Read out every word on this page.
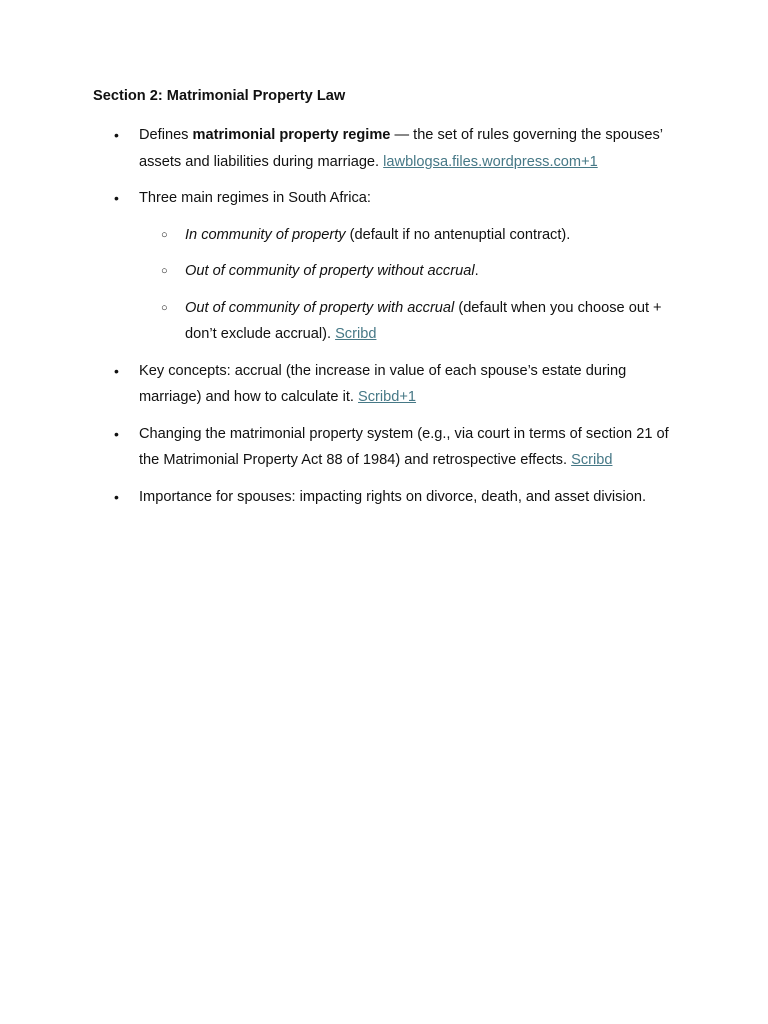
Section 2: Matrimonial Property Law
• Defines matrimonial property regime — the set of rules governing the spouses’ assets and liabilities during marriage. lawblogsa.files.wordpress.com+1
• Three main regimes in South Africa:
○ In community of property (default if no antenuptial contract).
○ Out of community of property without accrual.
○ Out of community of property with accrual (default when you choose out + don’t exclude accrual). Scribd
• Key concepts: accrual (the increase in value of each spouse’s estate during marriage) and how to calculate it. Scribd+1
• Changing the matrimonial property system (e.g., via court in terms of section 21 of the Matrimonial Property Act 88 of 1984) and retrospective effects. Scribd
• Importance for spouses: impacting rights on divorce, death, and asset division.
